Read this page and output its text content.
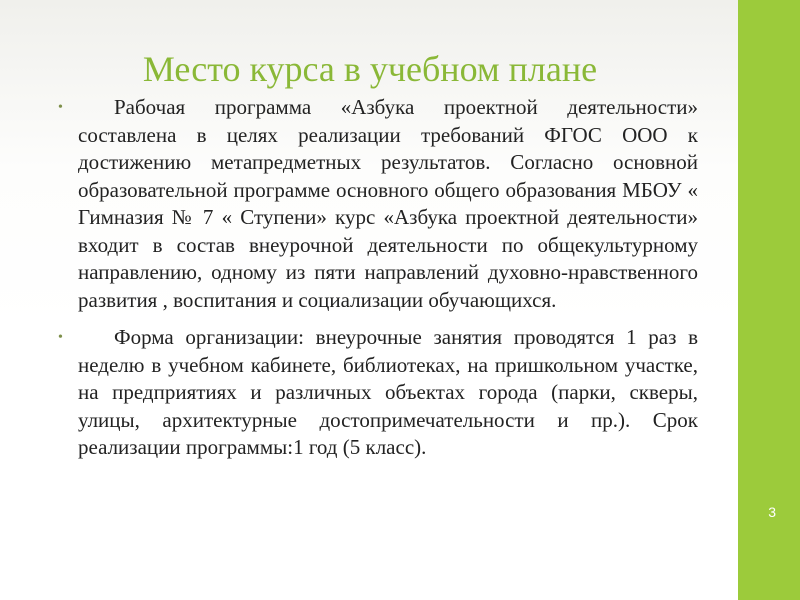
3
Место курса в учебном плане
• Рабочая программа «Азбука проектной деятельности» составлена в целях реализации требований ФГОС ООО к достижению метапредметных результатов. Согласно основной образовательной программе основного общего образования МБОУ « Гимназия № 7 « Ступени» курс «Азбука проектной деятельности» входит в состав внеурочной деятельности по общекультурному направлению, одному из пяти направлений духовно-нравственного развития , воспитания и социализации обучающихся.
• Форма организации: внеурочные занятия проводятся 1 раз в неделю в учебном кабинете, библиотеках, на пришкольном участке, на предприятиях и различных объектах города (парки, скверы, улицы, архитектурные достопримечательности и пр.). Срок реализации программы:1 год (5 класс).
